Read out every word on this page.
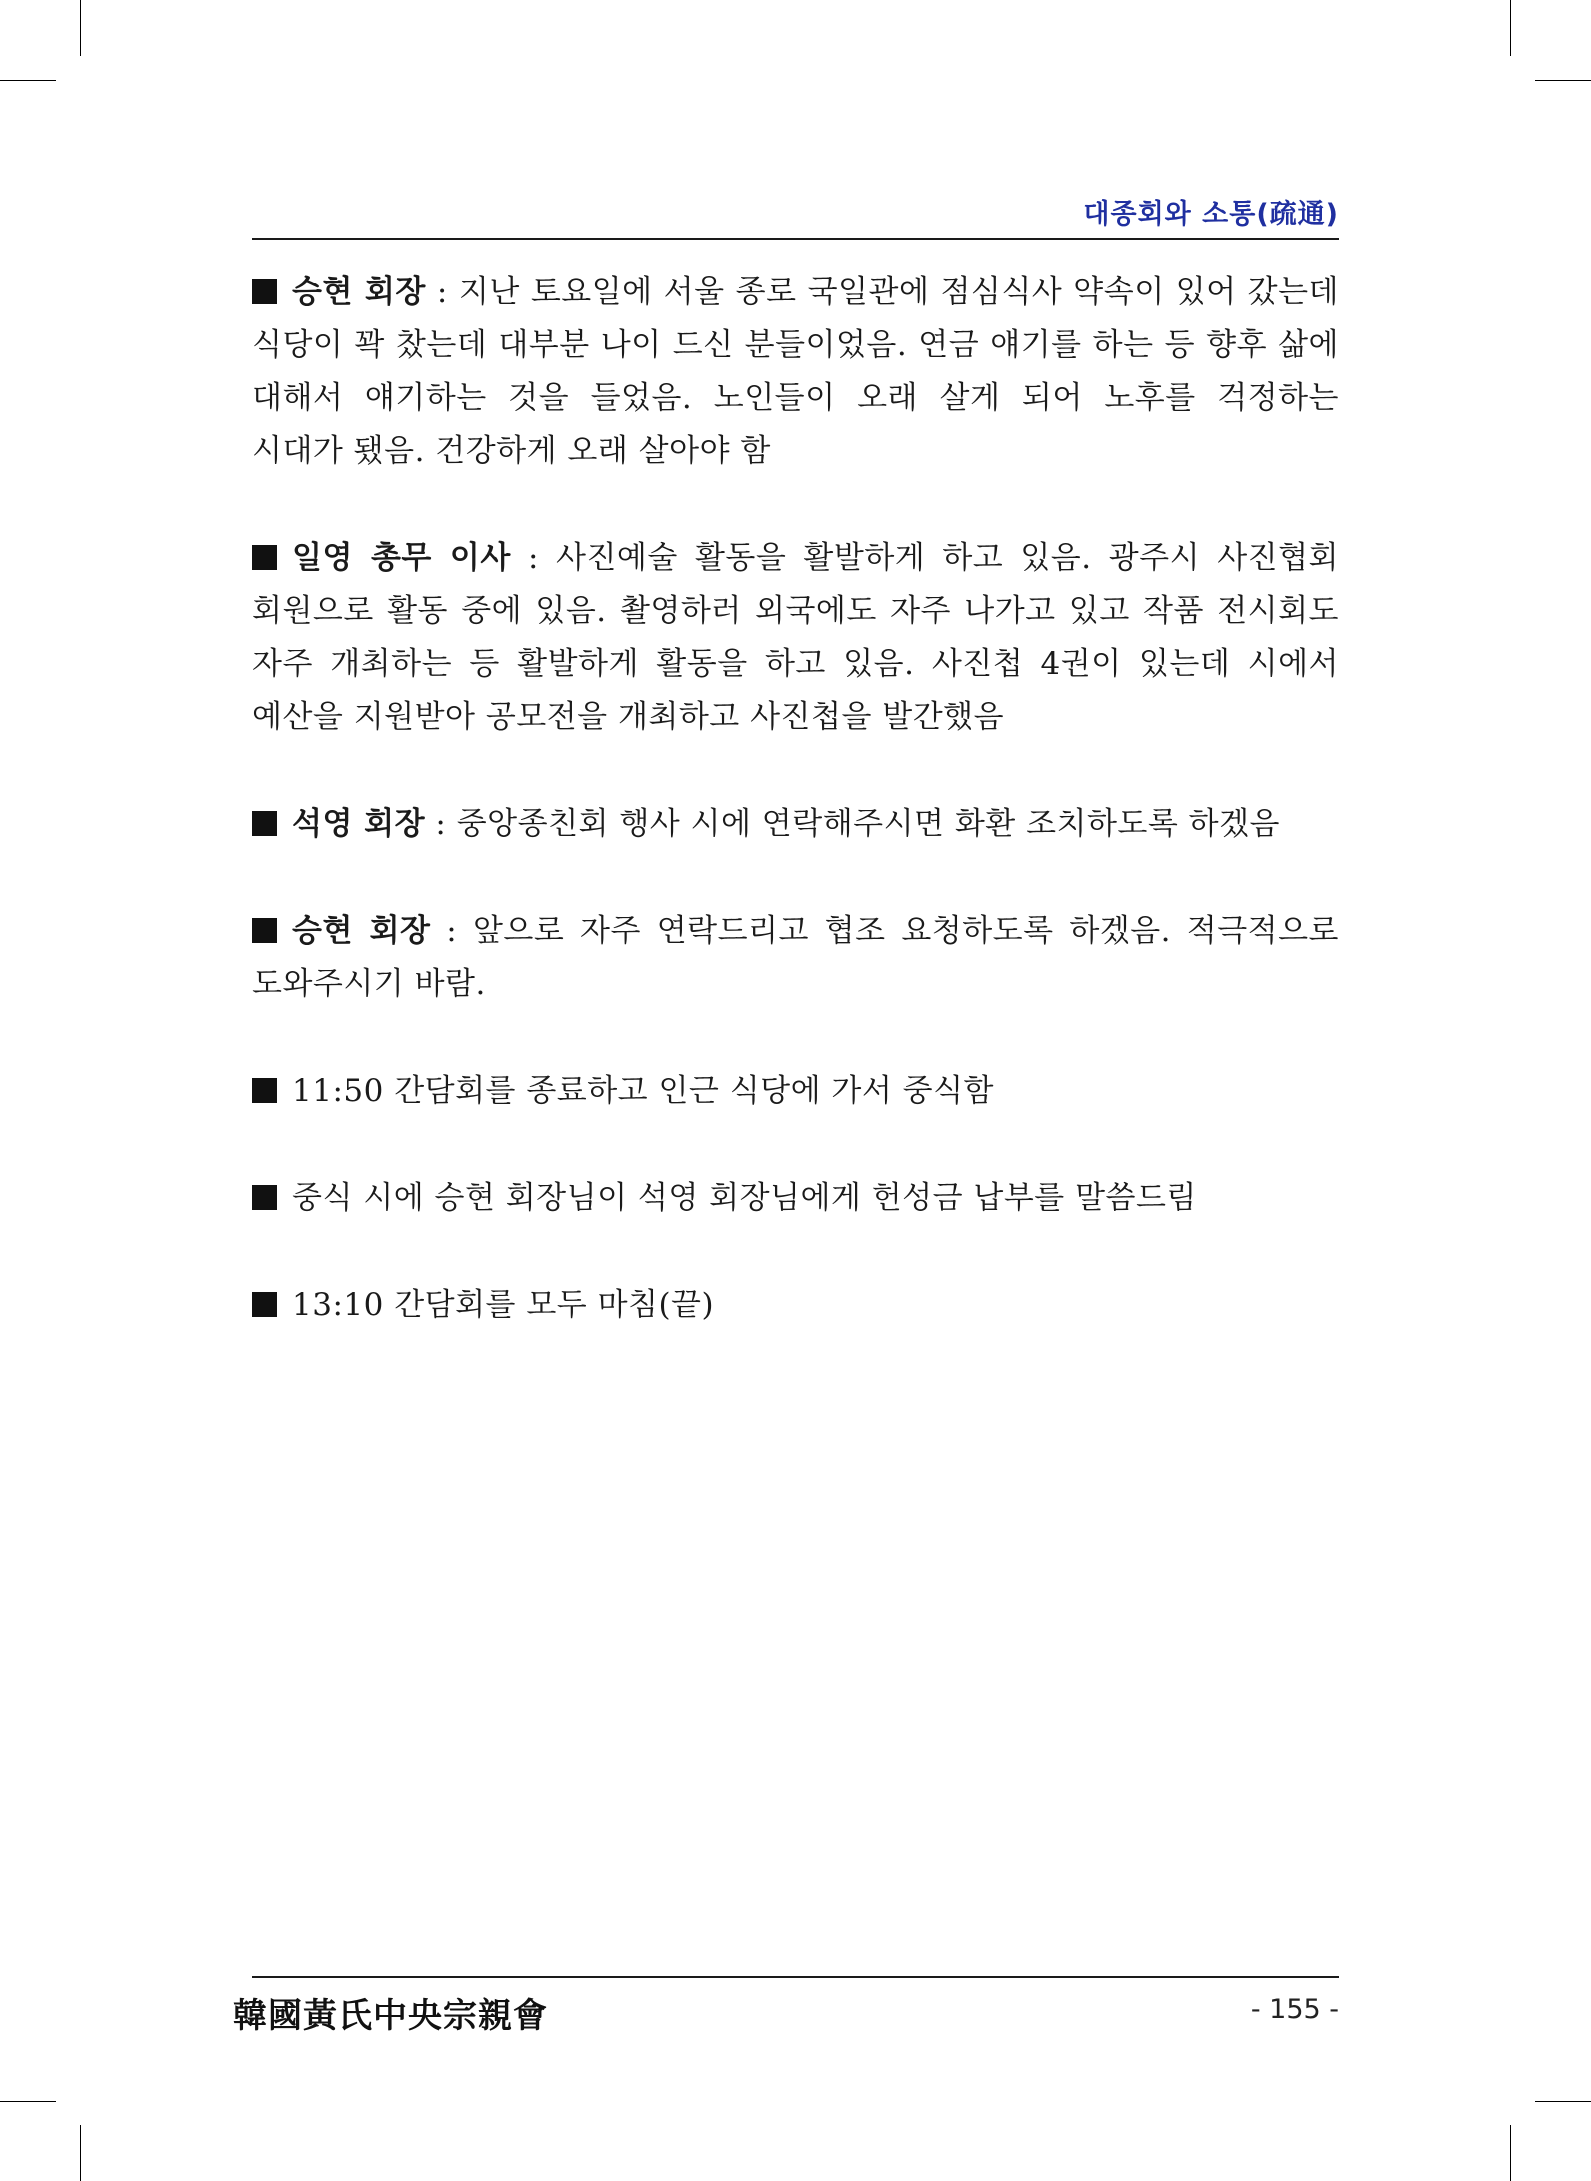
대종회와 소통(疏通)

승현 회장 : 지난 토요일에 서울 종로 국일관에 점심식사 약속이 있어 갔는데 식당이 꽉 찼는데 대부분 나이 드신 분들이었음. 연금 얘기를 하는 등 향후 삶에 대해서 얘기하는 것을 들었음. 노인들이 오래 살게 되어 노후를 걱정하는 시대가 됐음. 건강하게 오래 살아야 함

일영 총무 이사 : 사진예술 활동을 활발하게 하고 있음. 광주시 사진협회 회원으로 활동 중에 있음. 촬영하러 외국에도 자주 나가고 있고 작품 전시회도 자주 개최하는 등 활발하게 활동을 하고 있음. 사진첩 4권이 있는데 시에서 예산을 지원받아 공모전을 개최하고 사진첩을 발간했음

석영 회장 : 중앙종친회 행사 시에 연락해주시면 화환 조치하도록 하겠음

승현 회장 : 앞으로 자주 연락드리고 협조 요청하도록 하겠음. 적극적으로 도와주시기 바람.

11:50 간담회를 종료하고 인근 식당에 가서 중식함

중식 시에 승현 회장님이 석영 회장님에게 헌성금 납부를 말씀드림

13:10 간담회를 모두 마침(끝)

韓國黃氏中央宗親會	- 155 -
